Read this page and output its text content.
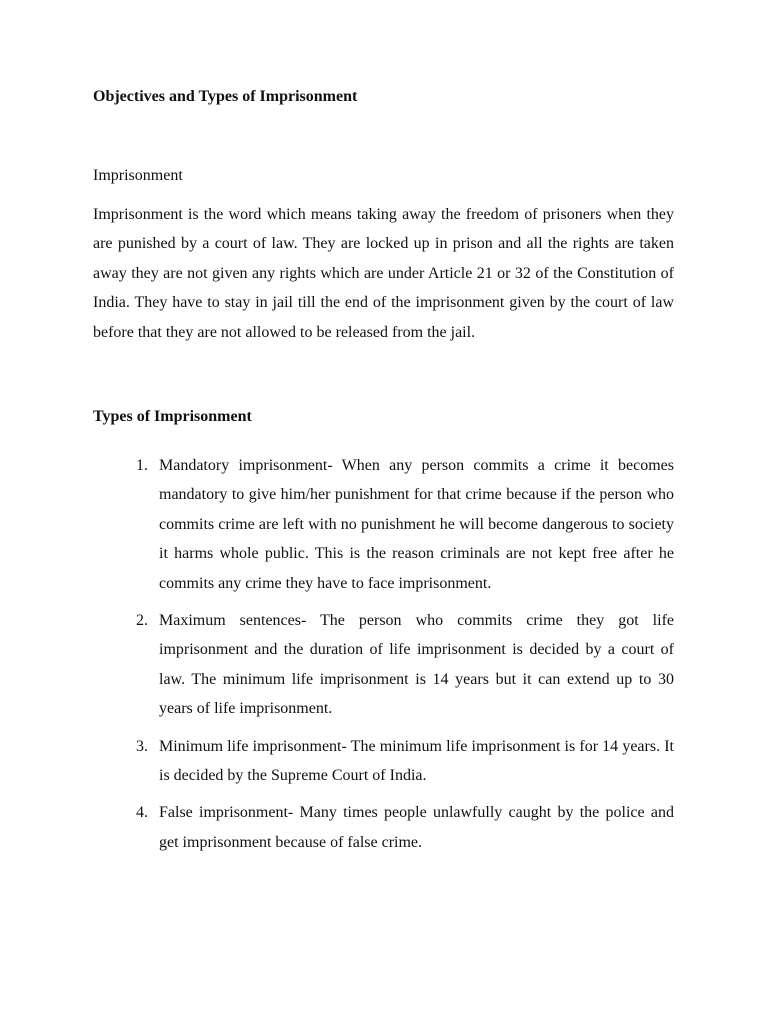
Objectives and Types of Imprisonment

Imprisonment

Imprisonment is the word which means taking away the freedom of prisoners when they are punished by a court of law. They are locked up in prison and all the rights are taken away they are not given any rights which are under Article 21 or 32 of the Constitution of India. They have to stay in jail till the end of the imprisonment given by the court of law before that they are not allowed to be released from the jail.

Types of Imprisonment
1. Mandatory imprisonment- When any person commits a crime it becomes mandatory to give him/her punishment for that crime because if the person who commits crime are left with no punishment he will become dangerous to society it harms whole public. This is the reason criminals are not kept free after he commits any crime they have to face imprisonment.
2. Maximum sentences- The person who commits crime they got life imprisonment and the duration of life imprisonment is decided by a court of law. The minimum life imprisonment is 14 years but it can extend up to 30 years of life imprisonment.
3. Minimum life imprisonment- The minimum life imprisonment is for 14 years. It is decided by the Supreme Court of India.
4. False imprisonment- Many times people unlawfully caught by the police and get imprisonment because of false crime.
